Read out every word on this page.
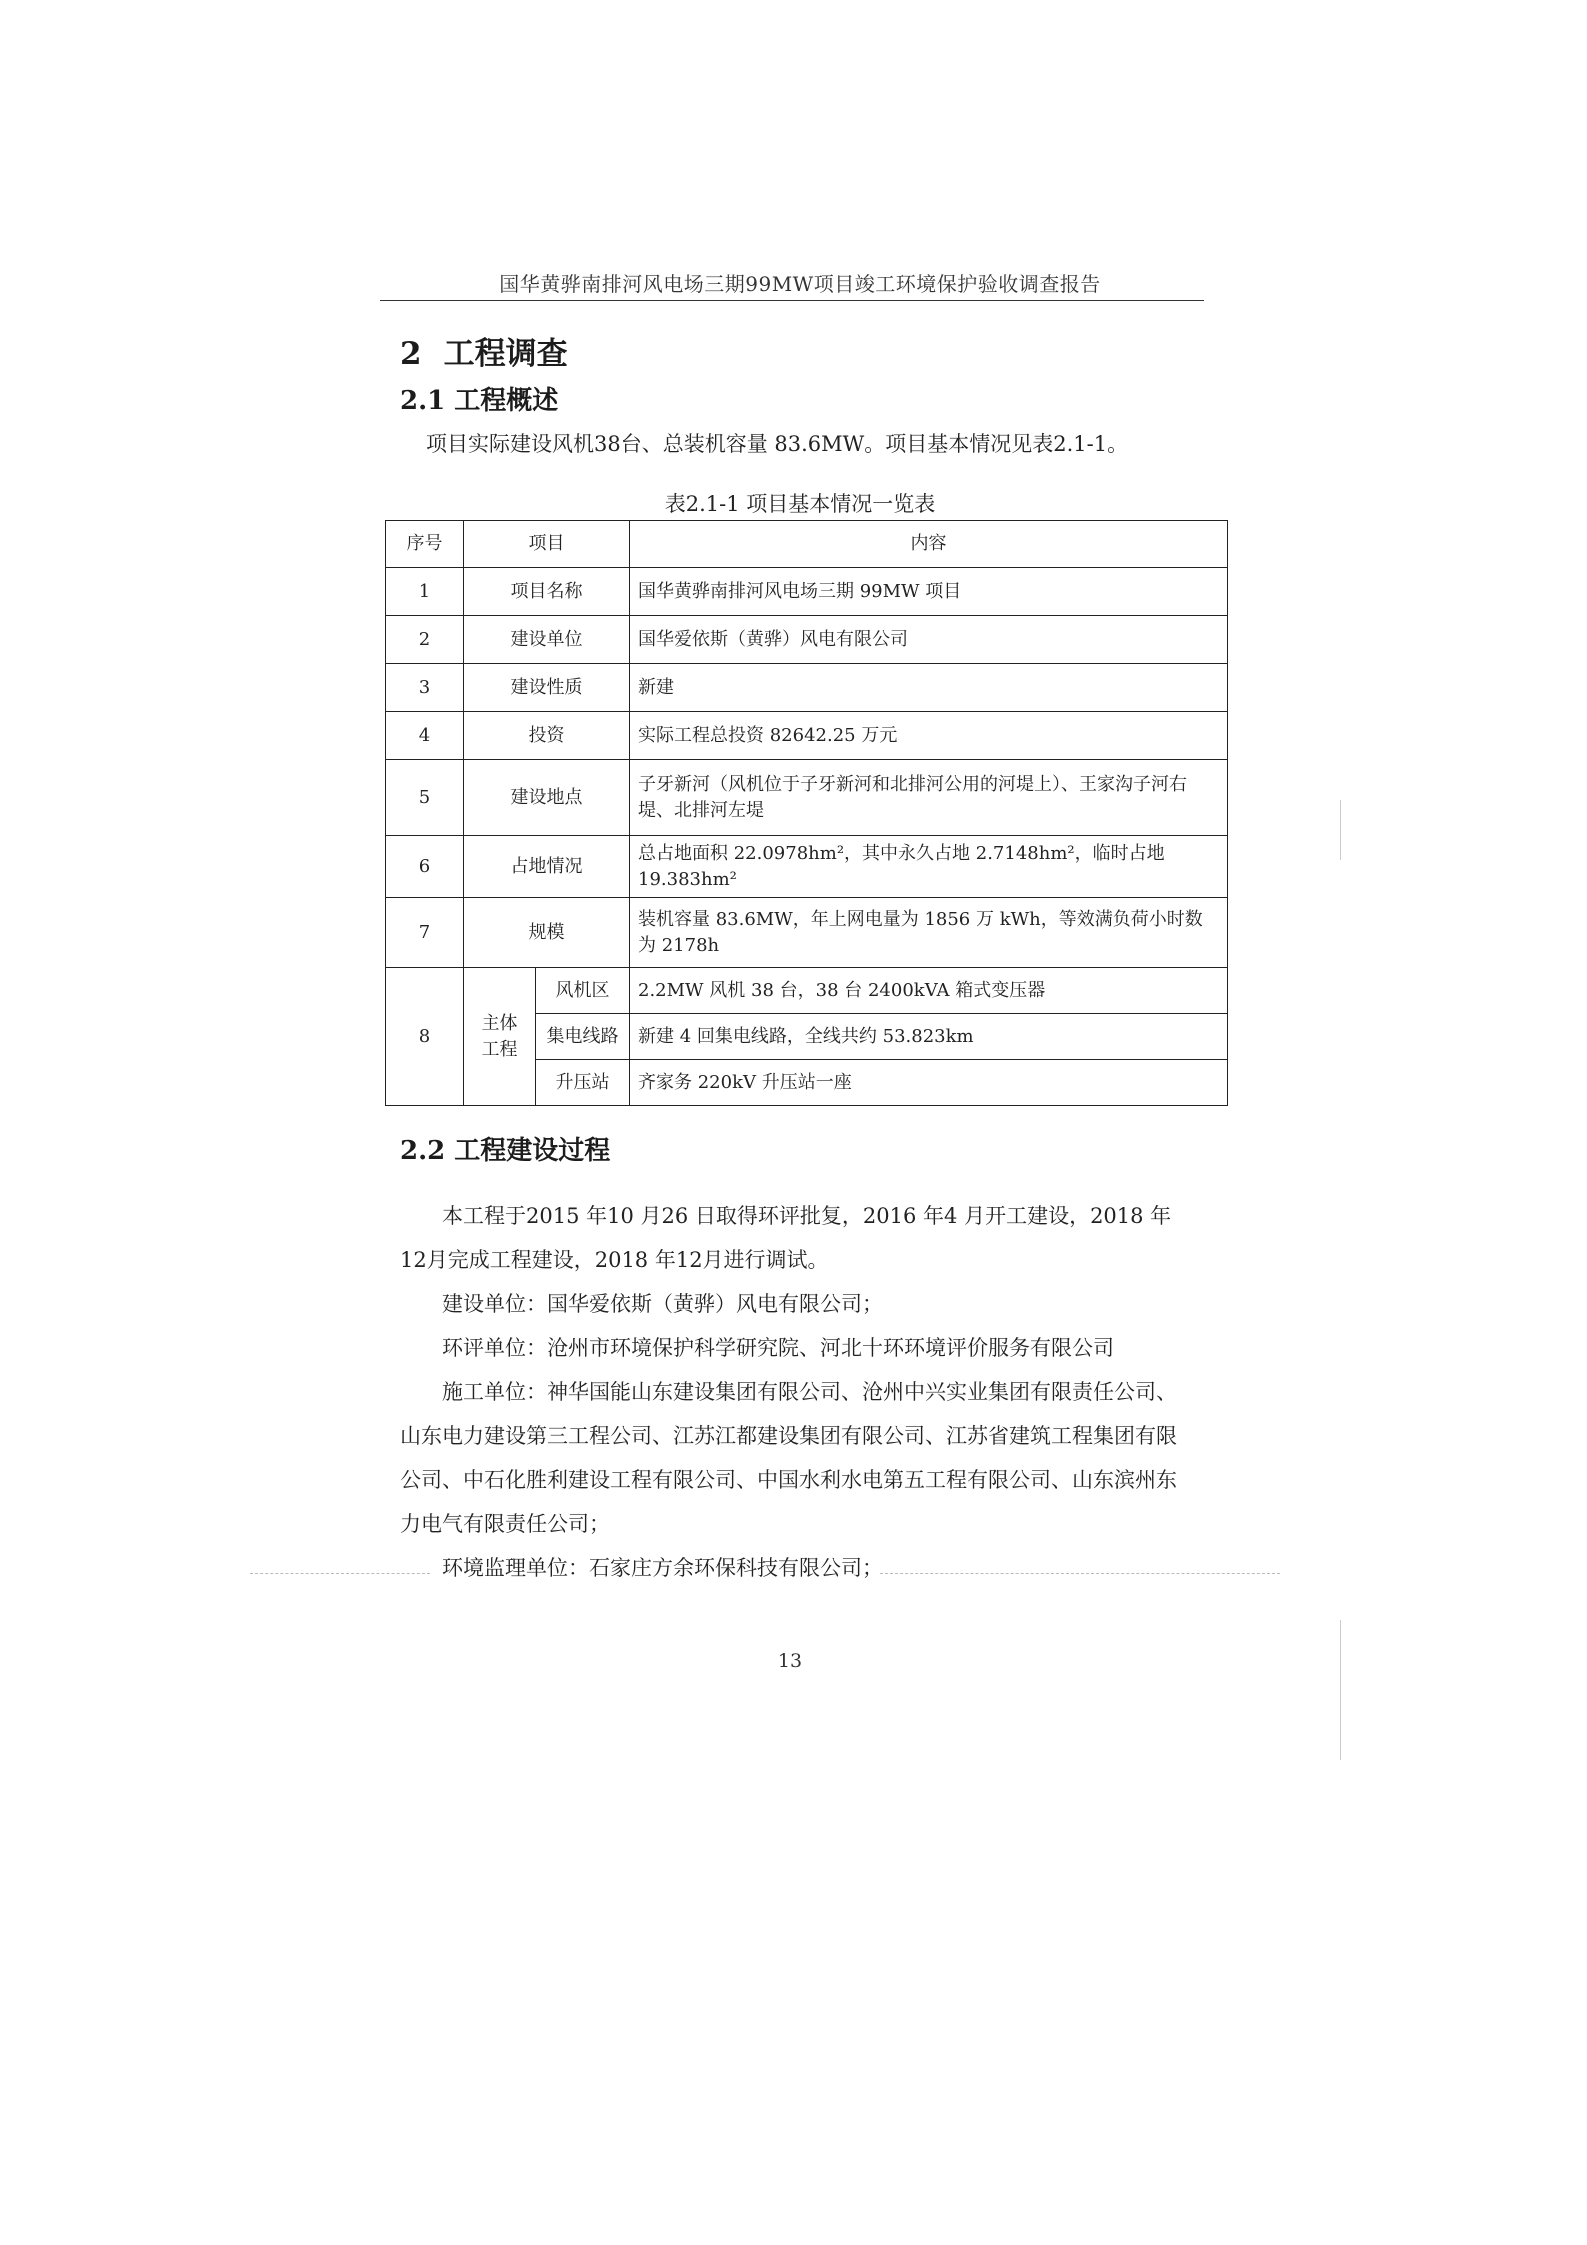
国华黄骅南排河风电场三期99MW项目竣工环境保护验收调查报告
2 工程调查
2.1 工程概述
项目实际建设风机38台、总装机容量 83.6MW。项目基本情况见表2.1-1。
表2.1-1 项目基本情况一览表
序号	项目		内容
1	项目名称		国华黄骅南排河风电场三期 99MW 项目
2	建设单位		国华爱依斯（黄骅）风电有限公司
3	建设性质		新建
4	投资		实际工程总投资 82642.25 万元
5	建设地点		子牙新河（风机位于子牙新河和北排河公用的河堤上）、王家沟子河右堤、北排河左堤
6	占地情况		总占地面积 22.0978hm²，其中永久占地 2.7148hm²，临时占地 19.383hm²
7	规模		装机容量 83.6MW，年上网电量为 1856 万 kWh，等效满负荷小时数为 2178h
8	主体工程	风机区	2.2MW 风机 38 台，38 台 2400kVA 箱式变压器
		集电线路	新建 4 回集电线路，全线共约 53.823km
		升压站	齐家务 220kV 升压站一座
2.2 工程建设过程
本工程于2015 年10 月26 日取得环评批复，2016 年4 月开工建设，2018 年12月完成工程建设，2018 年12月进行调试。
建设单位：国华爱依斯（黄骅）风电有限公司；
环评单位：沧州市环境保护科学研究院、河北十环环境评价服务有限公司
施工单位：神华国能山东建设集团有限公司、沧州中兴实业集团有限责任公司、山东电力建设第三工程公司、江苏江都建设集团有限公司、江苏省建筑工程集团有限公司、中石化胜利建设工程有限公司、中国水利水电第五工程有限公司、山东滨州东力电气有限责任公司；
环境监理单位：石家庄方余环保科技有限公司；
13
